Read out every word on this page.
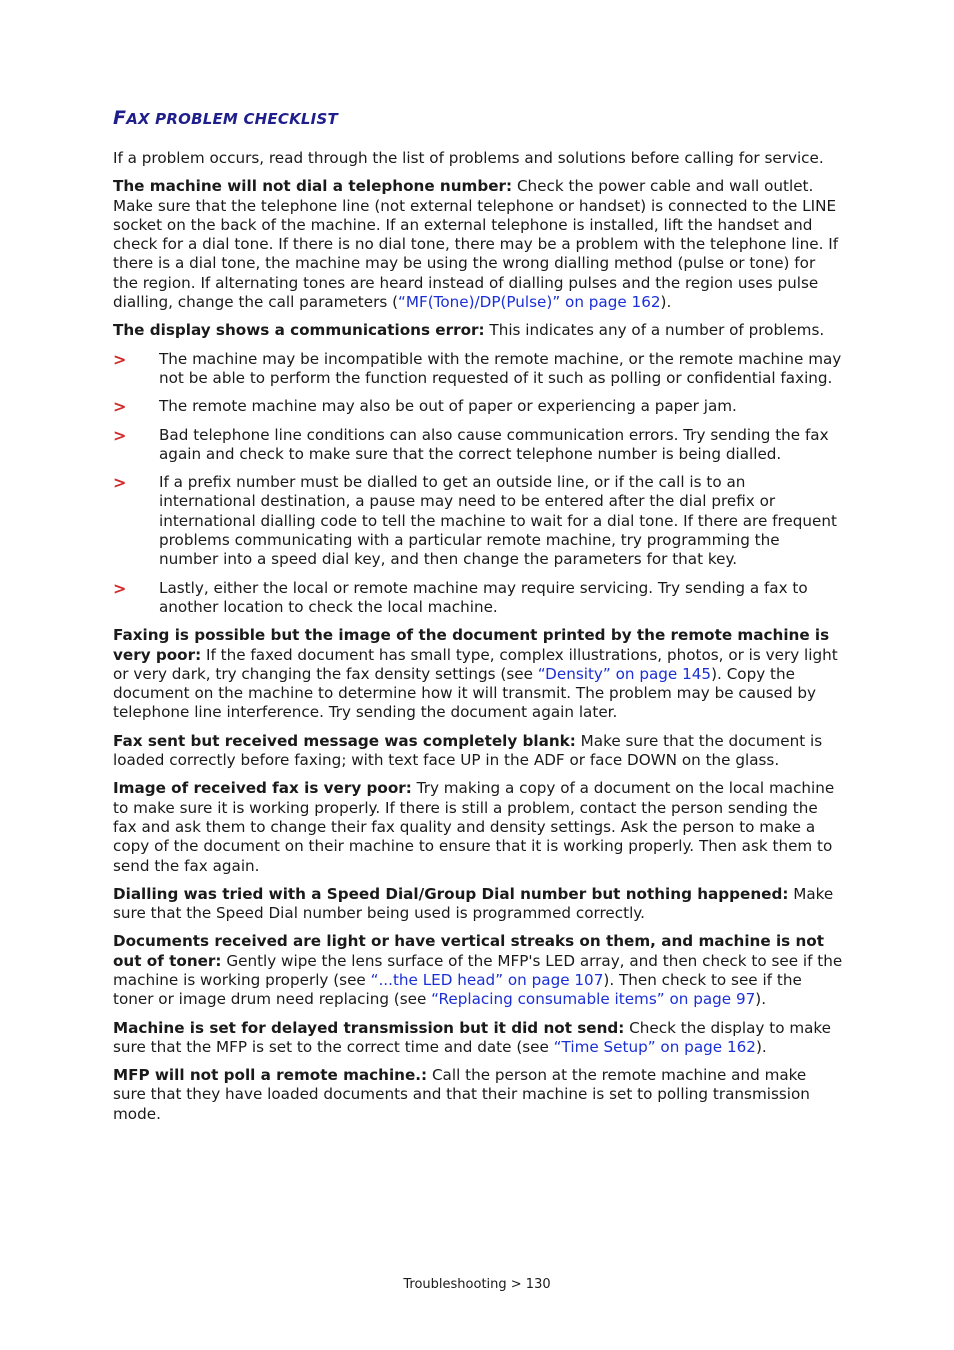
FAX PROBLEM CHECKLIST

If a problem occurs, read through the list of problems and solutions before calling for service.

The machine will not dial a telephone number: Check the power cable and wall outlet. Make sure that the telephone line (not external telephone or handset) is connected to the LINE socket on the back of the machine. If an external telephone is installed, lift the handset and check for a dial tone. If there is no dial tone, there may be a problem with the telephone line. If there is a dial tone, the machine may be using the wrong dialling method (pulse or tone) for the region. If alternating tones are heard instead of dialling pulses and the region uses pulse dialling, change the call parameters (“MF(Tone)/DP(Pulse)” on page 162).

The display shows a communications error: This indicates any of a number of problems.

> The machine may be incompatible with the remote machine, or the remote machine may not be able to perform the function requested of it such as polling or confidential faxing.
> The remote machine may also be out of paper or experiencing a paper jam.
> Bad telephone line conditions can also cause communication errors. Try sending the fax again and check to make sure that the correct telephone number is being dialled.
> If a prefix number must be dialled to get an outside line, or if the call is to an international destination, a pause may need to be entered after the dial prefix or international dialling code to tell the machine to wait for a dial tone. If there are frequent problems communicating with a particular remote machine, try programming the number into a speed dial key, and then change the parameters for that key.
> Lastly, either the local or remote machine may require servicing. Try sending a fax to another location to check the local machine.

Faxing is possible but the image of the document printed by the remote machine is very poor: If the faxed document has small type, complex illustrations, photos, or is very light or very dark, try changing the fax density settings (see “Density” on page 145). Copy the document on the machine to determine how it will transmit. The problem may be caused by telephone line interference. Try sending the document again later.

Fax sent but received message was completely blank: Make sure that the document is loaded correctly before faxing; with text face UP in the ADF or face DOWN on the glass.

Image of received fax is very poor: Try making a copy of a document on the local machine to make sure it is working properly. If there is still a problem, contact the person sending the fax and ask them to change their fax quality and density settings. Ask the person to make a copy of the document on their machine to ensure that it is working properly. Then ask them to send the fax again.

Dialling was tried with a Speed Dial/Group Dial number but nothing happened: Make sure that the Speed Dial number being used is programmed correctly.

Documents received are light or have vertical streaks on them, and machine is not out of toner: Gently wipe the lens surface of the MFP's LED array, and then check to see if the machine is working properly (see “...the LED head” on page 107). Then check to see if the toner or image drum need replacing (see “Replacing consumable items” on page 97).

Machine is set for delayed transmission but it did not send: Check the display to make sure that the MFP is set to the correct time and date (see “Time Setup” on page 162).

MFP will not poll a remote machine.: Call the person at the remote machine and make sure that they have loaded documents and that their machine is set to polling transmission mode.

Troubleshooting > 130
